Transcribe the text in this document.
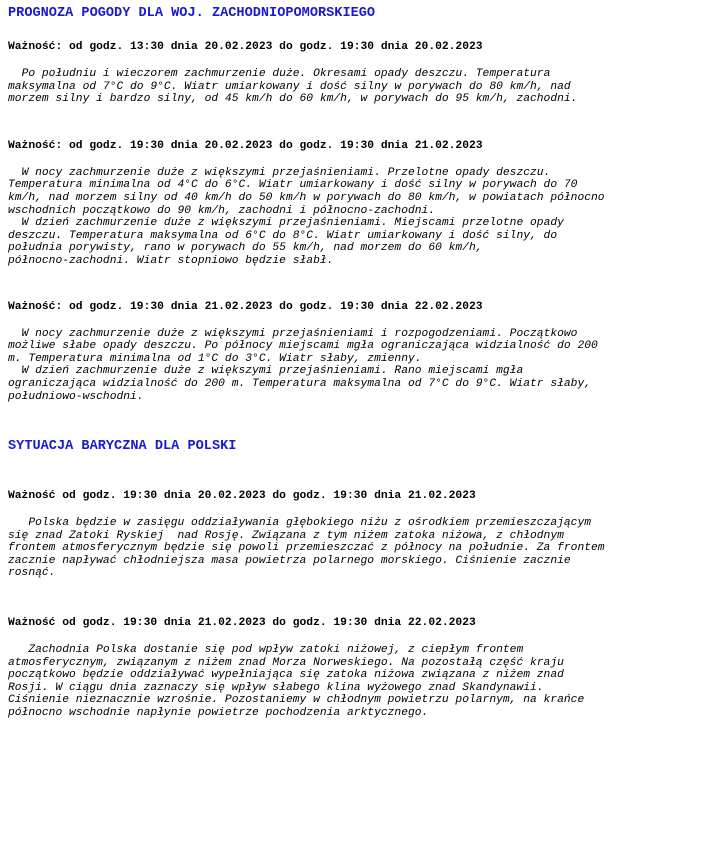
PROGNOZA POGODY DLA WOJ. ZACHODNIOPOMORSKIEGO
Ważność: od godz. 13:30 dnia 20.02.2023 do godz. 19:30 dnia 20.02.2023
Po południu i wieczorem zachmurzenie duże. Okresami opady deszczu. Temperatura
maksymalna od 7°C do 9°C. Wiatr umiarkowany i dość silny w porywach do 80 km/h, nad
morzem silny i bardzo silny, od 45 km/h do 60 km/h, w porywach do 95 km/h, zachodni.
Ważność: od godz. 19:30 dnia 20.02.2023 do godz. 19:30 dnia 21.02.2023
W nocy zachmurzenie duże z większymi przejaśnieniami. Przelotne opady deszczu.
Temperatura minimalna od 4°C do 6°C. Wiatr umiarkowany i dość silny w porywach do 70
km/h, nad morzem silny od 40 km/h do 50 km/h w porywach do 80 km/h, w powiatach północno
wschodnich początkowo do 90 km/h, zachodni i północno-zachodni.
W dzień zachmurzenie duże z większymi przejaśnieniami. Miejscami przelotne opady
deszczu. Temperatura maksymalna od 6°C do 8°C. Wiatr umiarkowany i dość silny, do
południa porywisty, rano w porywach do 55 km/h, nad morzem do 60 km/h,
północno-zachodni. Wiatr stopniowo będzie słabł.
Ważność: od godz. 19:30 dnia 21.02.2023 do godz. 19:30 dnia 22.02.2023
W nocy zachmurzenie duże z większymi przejaśnieniami i rozpogodzeniami. Początkowo
możliwe słabe opady deszczu. Po północy miejscami mgła ograniczająca widzialność do 200
m. Temperatura minimalna od 1°C do 3°C. Wiatr słaby, zmienny.
W dzień zachmurzenie duże z większymi przejaśnieniami. Rano miejscami mgła
ograniczająca widzialność do 200 m. Temperatura maksymalna od 7°C do 9°C. Wiatr słaby,
południowo-wschodni.
SYTUACJA BARYCZNA DLA POLSKI
Ważność od godz. 19:30 dnia 20.02.2023 do godz. 19:30 dnia 21.02.2023
Polska będzie w zasięgu oddziaływania głębokiego niżu z ośrodkiem przemieszczającym
się znad Zatoki Ryskiej  nad Rosję. Związana z tym niżem zatoka niżowa, z chłodnym
frontem atmosferycznym będzie się powoli przemieszczać z północy na południe. Za frontem
zacznie napływać chłodniejsza masa powietrza polarnego morskiego. Ciśnienie zacznie
rosnąć.
Ważność od godz. 19:30 dnia 21.02.2023 do godz. 19:30 dnia 22.02.2023
Zachodnia Polska dostanie się pod wpływ zatoki niżowej, z ciepłym frontem
atmosferycznym, związanym z niżem znad Morza Norweskiego. Na pozostałą część kraju
początkowo będzie oddziaływać wypełniająca się zatoka niżowa związana z niżem znad
Rosji. W ciągu dnia zaznaczy się wpływ słabego klina wyżowego znad Skandynawii.
Ciśnienie nieznacznie wzrośnie. Pozostaniemy w chłodnym powietrzu polarnym, na krańce
północno wschodnie napłynie powietrze pochodzenia arktycznego.
